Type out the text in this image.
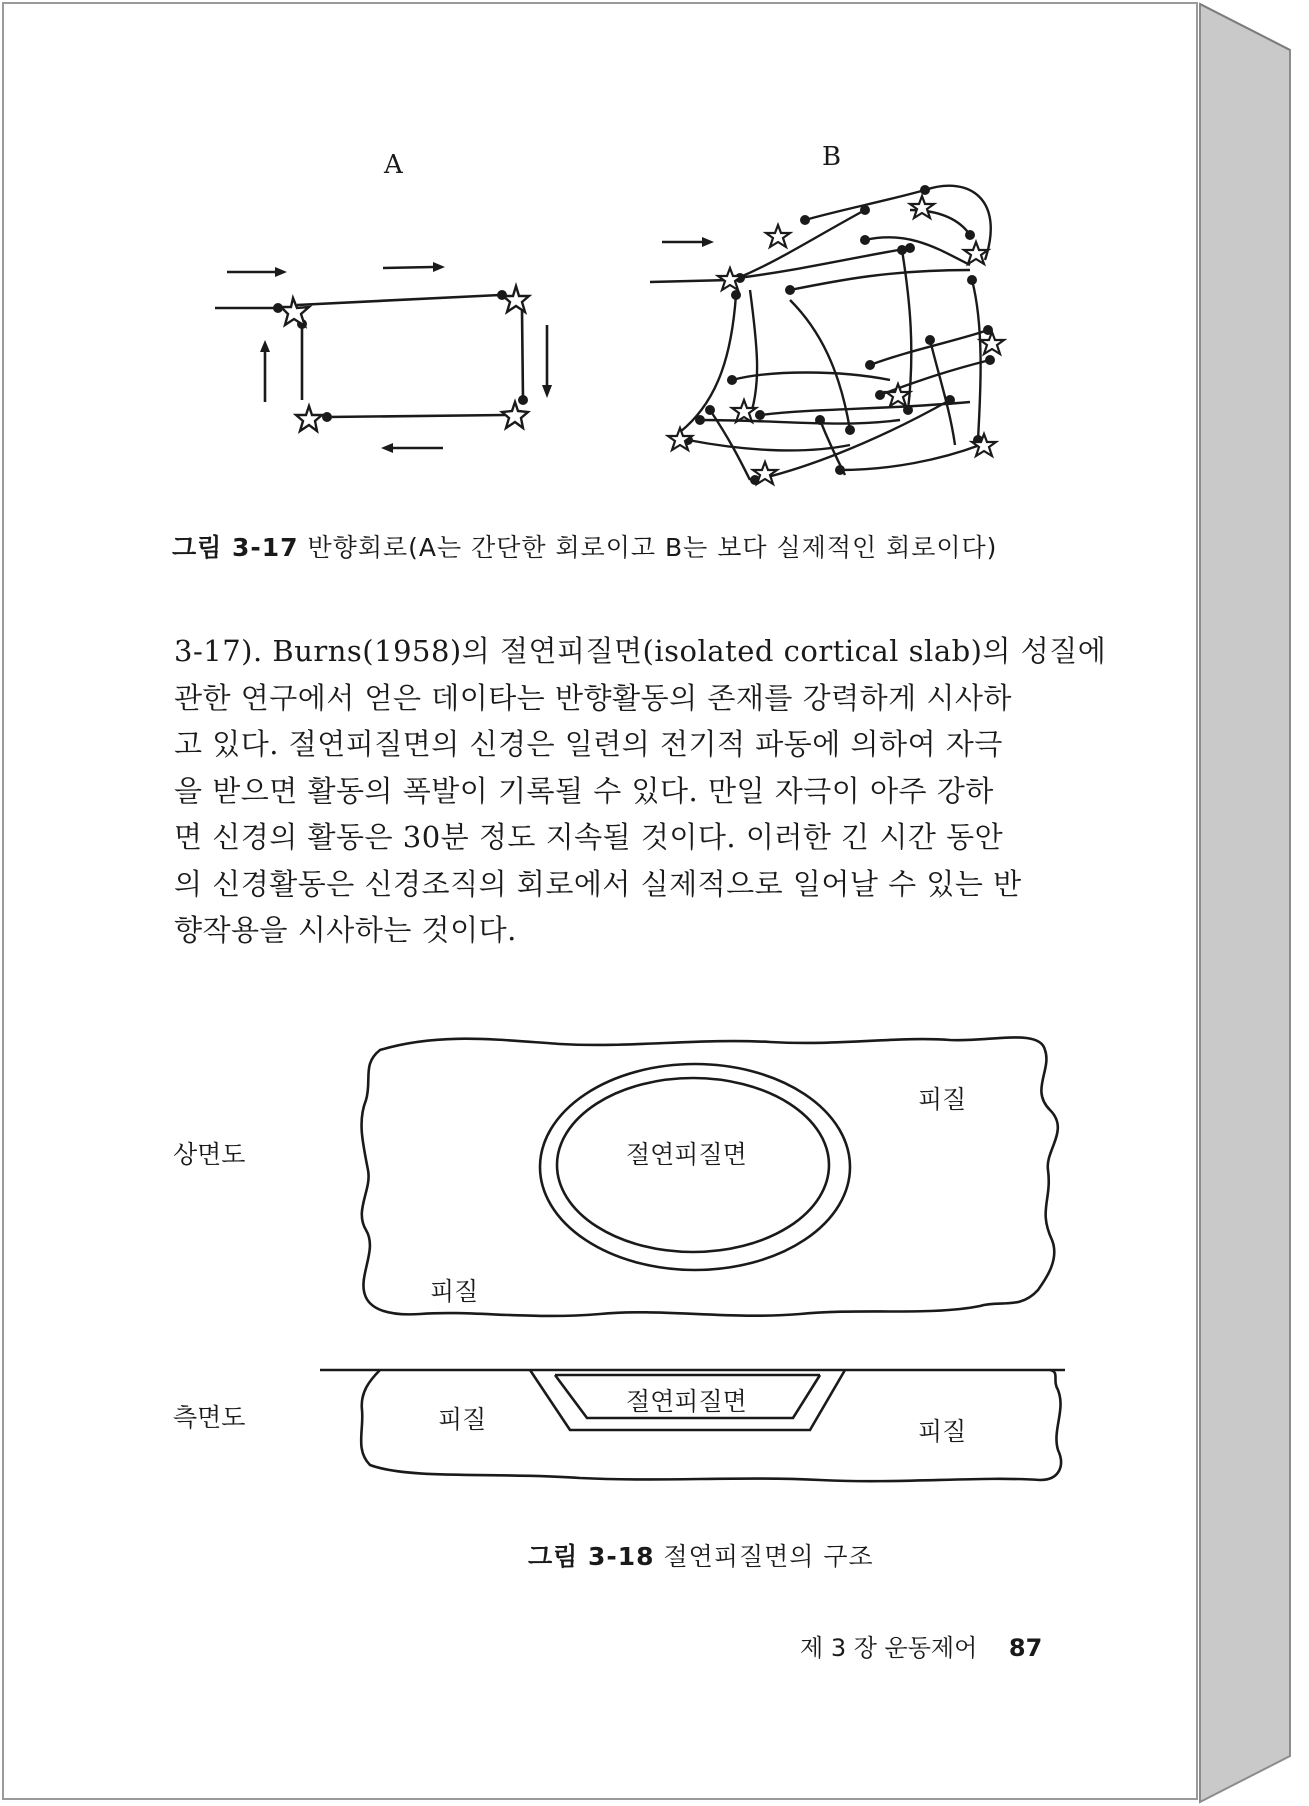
A	B
그림 3-17 반향회로(A는 간단한 회로이고 B는 보다 실제적인 회로이다)

3-17). Burns(1958)의 절연피질면(isolated cortical slab)의 성질에

관한 연구에서 얻은 데이타는 반향활동의 존재를 강력하게 시사하

고 있다. 절연피질면의 신경은 일련의 전기적 파동에 의하여 자극

을 받으면 활동의 폭발이 기록될 수 있다. 만일 자극이 아주 강하

면 신경의 활동은 30분 정도 지속될 것이다. 이러한 긴 시간 동안

의 신경활동은 신경조직의 회로에서 실제적으로 일어날 수 있는 반

향작용을 시사하는 것이다.

상면도
측면도
피질
피질
절연피질면
피질
절연피질면
피질
그림 3-18 절연피질면의 구조
제 3 장 운동제어 87
